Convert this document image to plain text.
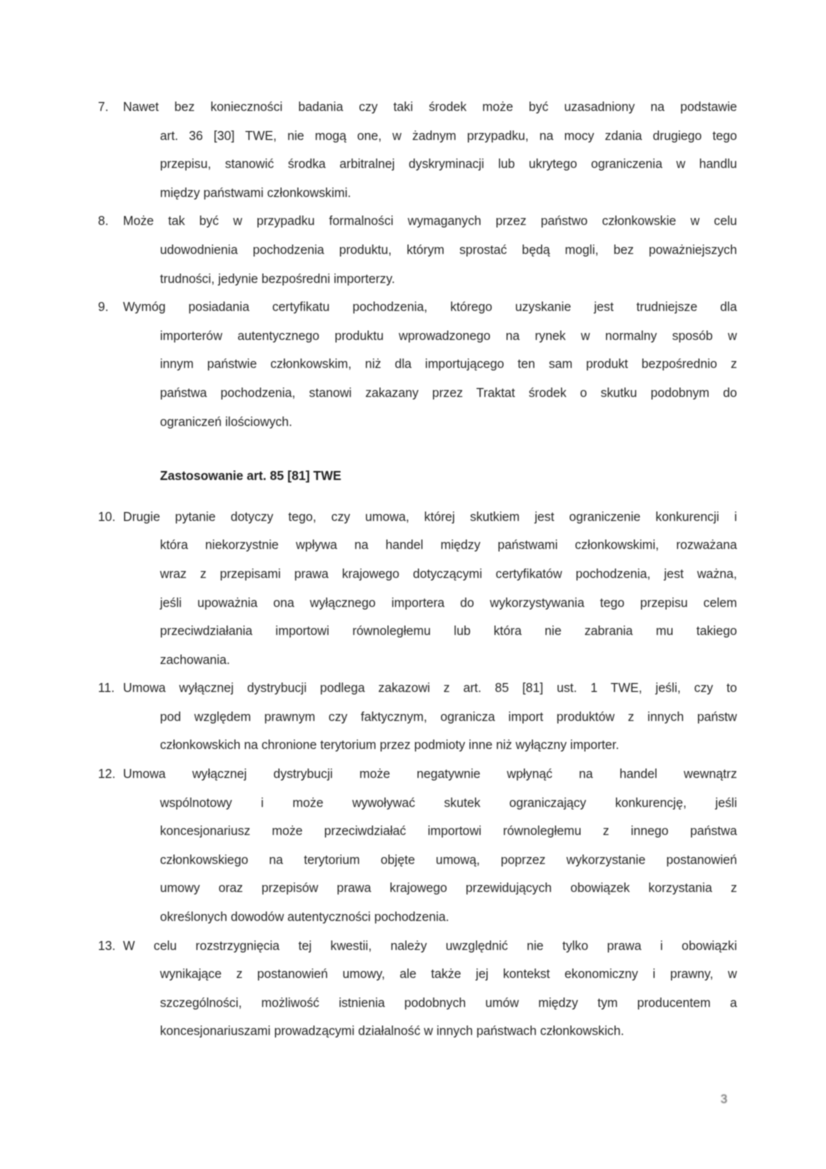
7. Nawet bez konieczności badania czy taki środek może być uzasadniony na podstawie
art. 36 [30] TWE, nie mogą one, w żadnym przypadku, na mocy zdania drugiego tego
przepisu, stanowić środka arbitralnej dyskryminacji lub ukrytego ograniczenia w handlu
między państwami członkowskimi.
8. Może tak być w przypadku formalności wymaganych przez państwo członkowskie w celu
udowodnienia pochodzenia produktu, którym sprostać będą mogli, bez poważniejszych
trudności, jedynie bezpośredni importerzy.
9. Wymóg posiadania certyfikatu pochodzenia, którego uzyskanie jest trudniejsze dla
importerów autentycznego produktu wprowadzonego na rynek w normalny sposób w
innym państwie członkowskim, niż dla importującego ten sam produkt bezpośrednio z
państwa pochodzenia, stanowi zakazany przez Traktat środek o skutku podobnym do
ograniczeń ilościowych.
Zastosowanie art. 85 [81] TWE
10. Drugie pytanie dotyczy tego, czy umowa, której skutkiem jest ograniczenie konkurencji i
która niekorzystnie wpływa na handel między państwami członkowskimi, rozważana
wraz z przepisami prawa krajowego dotyczącymi certyfikatów pochodzenia, jest ważna,
jeśli upoważnia ona wyłącznego importera do wykorzystywania tego przepisu celem
przeciwdziałania importowi równoległemu lub która nie zabrania mu takiego
zachowania.
11. Umowa wyłącznej dystrybucji podlega zakazowi z art. 85 [81] ust. 1 TWE, jeśli, czy to
pod względem prawnym czy faktycznym, ogranicza import produktów z innych państw
członkowskich na chronione terytorium przez podmioty inne niż wyłączny importer.
12. Umowa wyłącznej dystrybucji może negatywnie wpłynąć na handel wewnątrz
wspólnotowy i może wywoływać skutek ograniczający konkurencję, jeśli
koncesjonariusz może przeciwdziałać importowi równoległemu z innego państwa
członkowskiego na terytorium objęte umową, poprzez wykorzystanie postanowień
umowy oraz przepisów prawa krajowego przewidujących obowiązek korzystania z
określonych dowodów autentyczności pochodzenia.
13. W celu rozstrzygnięcia tej kwestii, należy uwzględnić nie tylko prawa i obowiązki
wynikające z postanowień umowy, ale także jej kontekst ekonomiczny i prawny, w
szczególności, możliwość istnienia podobnych umów między tym producentem a
koncesjonariuszami prowadzącymi działalność w innych państwach członkowskich.
3
